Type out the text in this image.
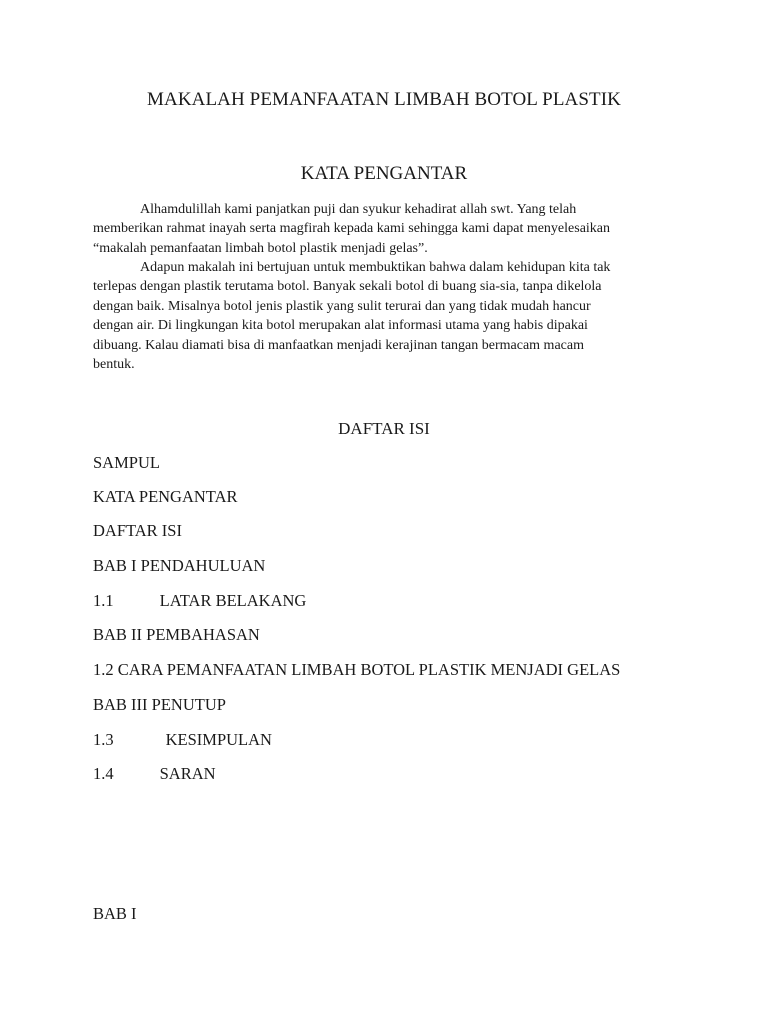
MAKALAH PEMANFAATAN LIMBAH BOTOL PLASTIK
KATA PENGANTAR

Alhamdulillah kami panjatkan puji dan syukur kehadirat allah swt. Yang telah
memberikan rahmat inayah serta magfirah kepada kami sehingga kami dapat menyelesaikan
“makalah pemanfaatan limbah botol plastik menjadi gelas”.

Adapun makalah ini bertujuan untuk membuktikan bahwa dalam kehidupan kita tak
terlepas dengan plastik terutama botol. Banyak sekali botol di buang sia-sia, tanpa dikelola
dengan baik. Misalnya botol jenis plastik yang sulit terurai dan yang tidak mudah hancur
dengan air. Di lingkungan kita botol merupakan alat informasi utama yang habis dipakai
dibuang. Kalau diamati bisa di manfaatkan menjadi kerajinan tangan bermacam macam
bentuk.

DAFTAR ISI
SAMPUL
KATA PENGANTAR
DAFTAR ISI
BAB I PENDAHULUAN
1.1	LATAR BELAKANG
BAB II PEMBAHASAN
1.2 CARA PEMANFAATAN LIMBAH BOTOL PLASTIK MENJADI GELAS
BAB III PENUTUP
1.3	KESIMPULAN
1.4	SARAN
BAB I
